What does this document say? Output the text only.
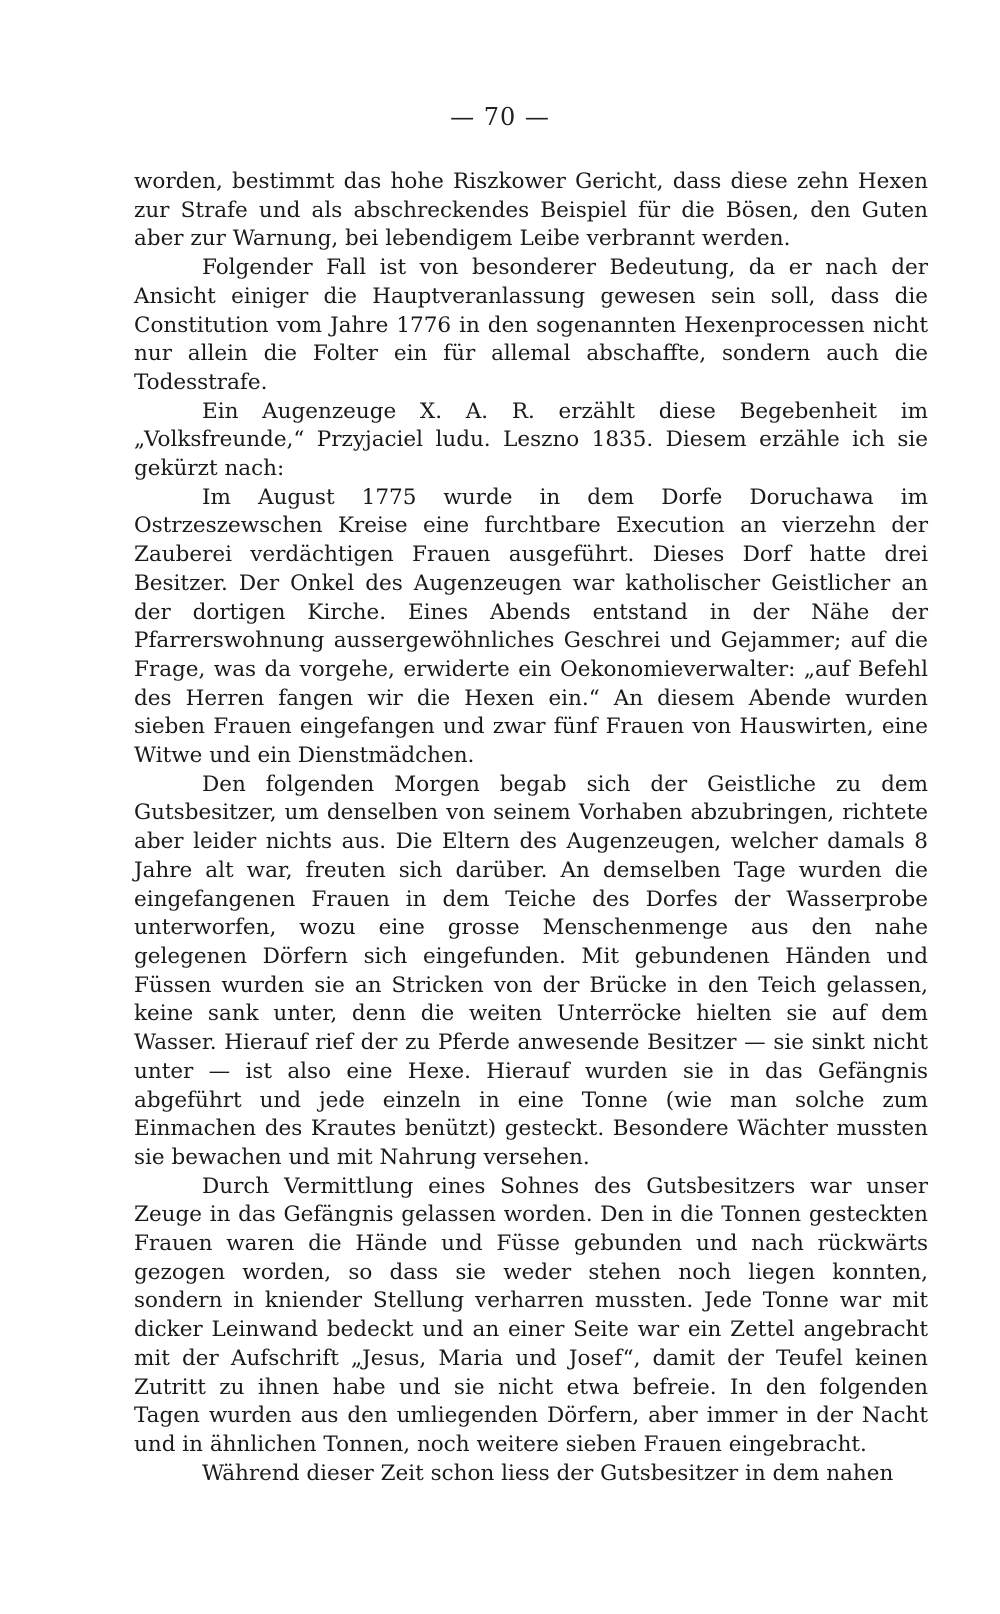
— 70 —

worden, bestimmt das hohe Riszkower Gericht, dass diese zehn Hexen zur Strafe und als abschreckendes Beispiel für die Bösen, den Guten aber zur Warnung, bei lebendigem Leibe verbrannt werden.

Folgender Fall ist von besonderer Bedeutung, da er nach der Ansicht einiger die Hauptveranlassung gewesen sein soll, dass die Constitution vom Jahre 1776 in den sogenannten Hexenprocessen nicht nur allein die Folter ein für allemal abschaffte, sondern auch die Todesstrafe.

Ein Augenzeuge X. A. R. erzählt diese Begebenheit im „Volksfreunde,“ Przyjaciel ludu. Leszno 1835. Diesem erzähle ich sie gekürzt nach:

Im August 1775 wurde in dem Dorfe Doruchawa im Ostrzeszewschen Kreise eine furchtbare Execution an vierzehn der Zauberei verdächtigen Frauen ausgeführt. Dieses Dorf hatte drei Besitzer. Der Onkel des Augenzeugen war katholischer Geistlicher an der dortigen Kirche. Eines Abends entstand in der Nähe der Pfarrerswohnung aussergewöhnliches Geschrei und Gejammer; auf die Frage, was da vorgehe, erwiderte ein Oekonomieverwalter: „auf Befehl des Herren fangen wir die Hexen ein.“ An diesem Abende wurden sieben Frauen eingefangen und zwar fünf Frauen von Hauswirten, eine Witwe und ein Dienstmädchen.

Den folgenden Morgen begab sich der Geistliche zu dem Gutsbesitzer, um denselben von seinem Vorhaben abzubringen, richtete aber leider nichts aus. Die Eltern des Augenzeugen, welcher damals 8 Jahre alt war, freuten sich darüber. An demselben Tage wurden die eingefangenen Frauen in dem Teiche des Dorfes der Wasserprobe unterworfen, wozu eine grosse Menschenmenge aus den nahe gelegenen Dörfern sich eingefunden. Mit gebundenen Händen und Füssen wurden sie an Stricken von der Brücke in den Teich gelassen, keine sank unter, denn die weiten Unterröcke hielten sie auf dem Wasser. Hierauf rief der zu Pferde anwesende Besitzer — sie sinkt nicht unter — ist also eine Hexe. Hierauf wurden sie in das Gefängnis abgeführt und jede einzeln in eine Tonne (wie man solche zum Einmachen des Krautes benützt) gesteckt. Besondere Wächter mussten sie bewachen und mit Nahrung versehen.

Durch Vermittlung eines Sohnes des Gutsbesitzers war unser Zeuge in das Gefängnis gelassen worden. Den in die Tonnen gesteckten Frauen waren die Hände und Füsse gebunden und nach rückwärts gezogen worden, so dass sie weder stehen noch liegen konnten, sondern in kniender Stellung verharren mussten. Jede Tonne war mit dicker Leinwand bedeckt und an einer Seite war ein Zettel angebracht mit der Aufschrift „Jesus, Maria und Josef“, damit der Teufel keinen Zutritt zu ihnen habe und sie nicht etwa befreie. In den folgenden Tagen wurden aus den umliegenden Dörfern, aber immer in der Nacht und in ähnlichen Tonnen, noch weitere sieben Frauen eingebracht.

Während dieser Zeit schon liess der Gutsbesitzer in dem nahen
